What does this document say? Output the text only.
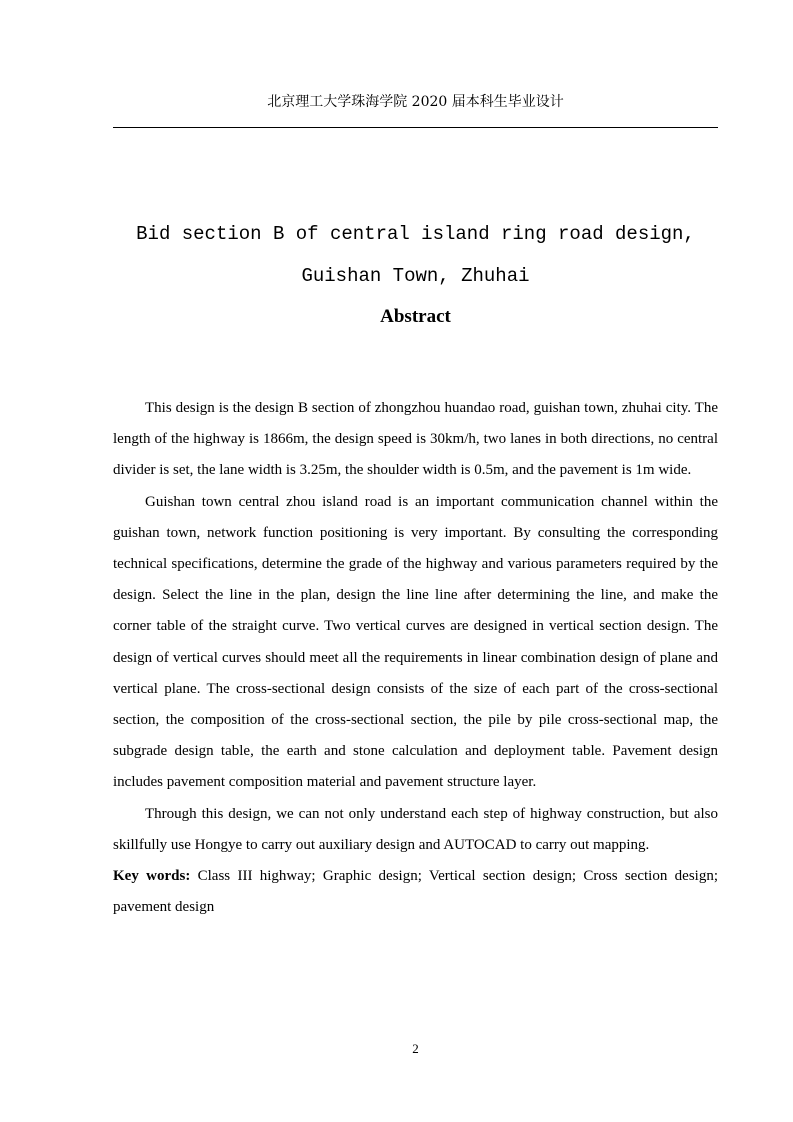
北京理工大学珠海学院 2020 届本科生毕业设计
Bid section B of central island ring road design,
Guishan Town, Zhuhai
Abstract

This design is the design B section of zhongzhou huandao road, guishan town, zhuhai city. The length of the highway is 1866m, the design speed is 30km/h, two lanes in both directions, no central divider is set, the lane width is 3.25m, the shoulder width is 0.5m, and the pavement is 1m wide.

Guishan town central zhou island road is an important communication channel within the guishan town, network function positioning is very important. By consulting the corresponding technical specifications, determine the grade of the highway and various parameters required by the design. Select the line in the plan, design the line line after determining the line, and make the corner table of the straight curve. Two vertical curves are designed in vertical section design. The design of vertical curves should meet all the requirements in linear combination design of plane and vertical plane. The cross-sectional design consists of the size of each part of the cross-sectional section, the composition of the cross-sectional section, the pile by pile cross-sectional map, the subgrade design table, the earth and stone calculation and deployment table. Pavement design includes pavement composition material and pavement structure layer.

Through this design, we can not only understand each step of highway construction, but also skillfully use Hongye to carry out auxiliary design and AUTOCAD to carry out mapping.

Key words: Class III highway; Graphic design; Vertical section design; Cross section design; pavement design

2
